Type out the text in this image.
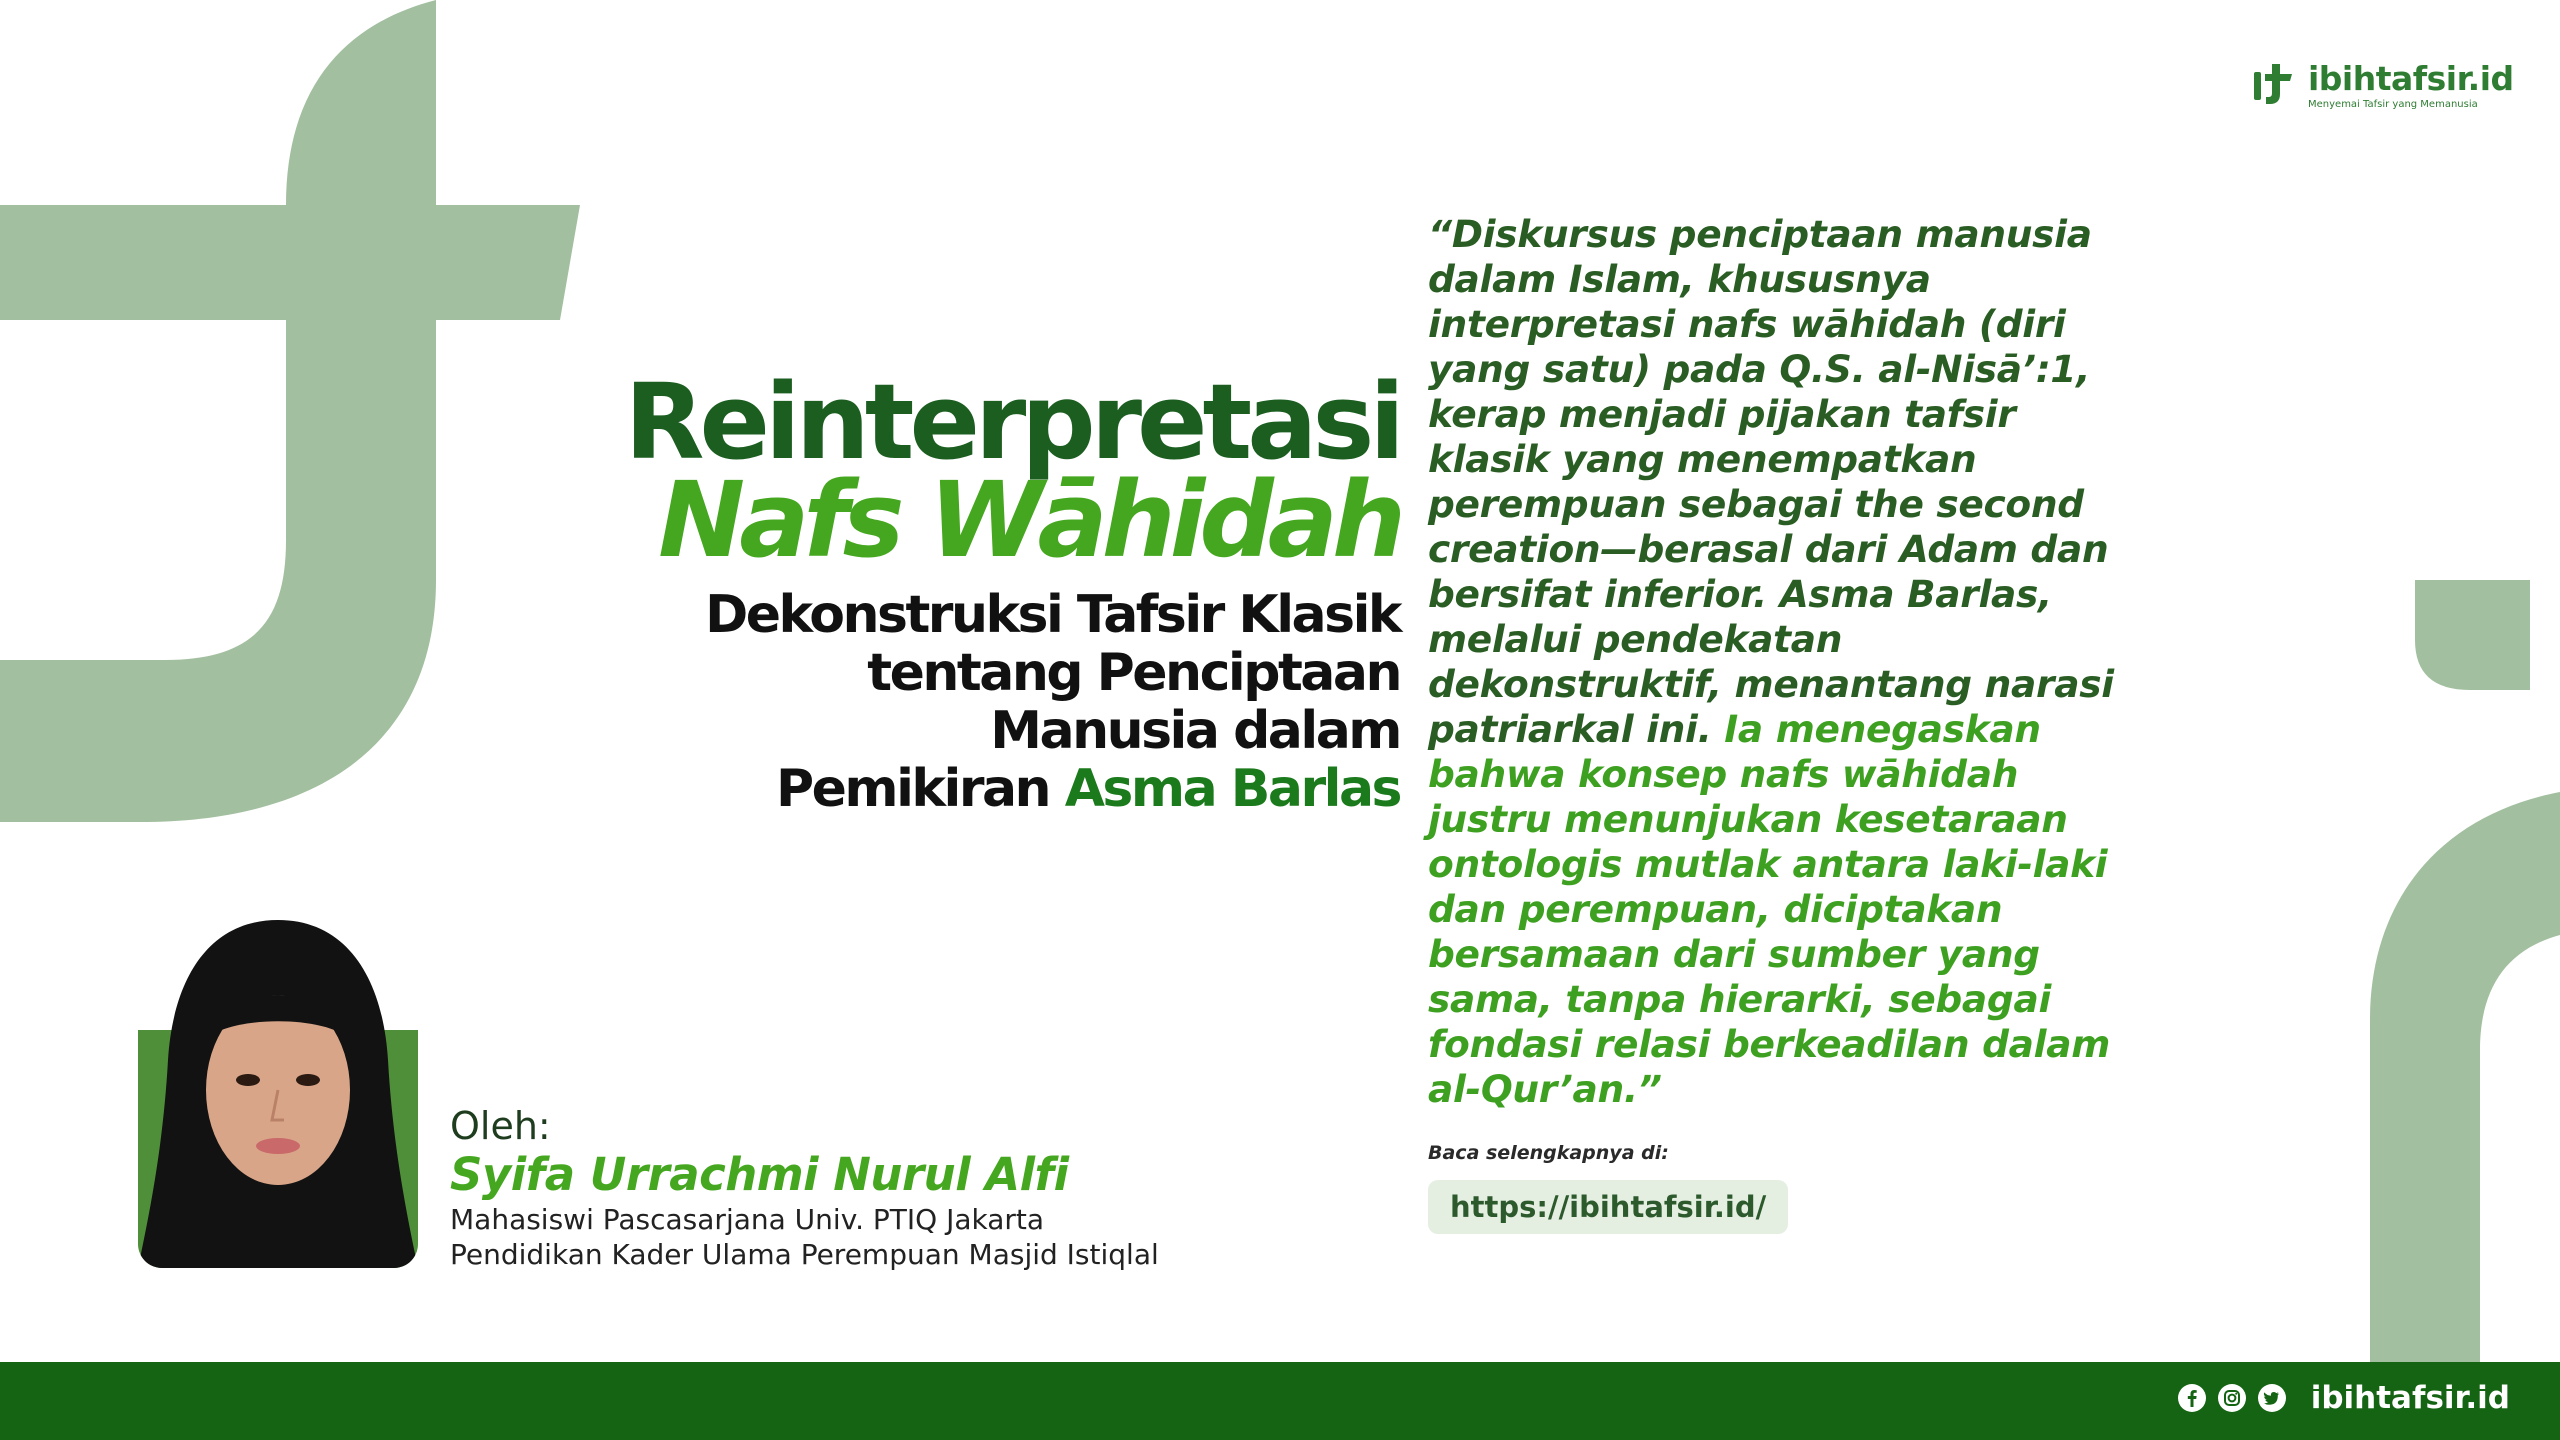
ibihtafsir.id
Menyemai Tafsir yang Memanusia
Reinterpretasi
Nafs Wāhidah
Dekonstruksi Tafsir Klasik
tentang Penciptaan
Manusia dalam
Pemikiran Asma Barlas
“Diskursus penciptaan manusia dalam Islam, khususnya interpretasi nafs wāhidah (diri yang satu) pada Q.S. al-Nisā’:1, kerap menjadi pijakan tafsir klasik yang menempatkan perempuan sebagai the second creation—berasal dari Adam dan bersifat inferior. Asma Barlas, melalui pendekatan dekonstruktif, menantang narasi patriarkal ini. Ia menegaskan bahwa konsep nafs wāhidah justru menunjukan kesetaraan ontologis mutlak antara laki-laki dan perempuan, diciptakan bersamaan dari sumber yang sama, tanpa hierarki, sebagai fondasi relasi berkeadilan dalam al-Qur’an.”
Oleh:
Syifa Urrachmi Nurul Alfi
Mahasiswi Pascasarjana Univ. PTIQ Jakarta
Pendidikan Kader Ulama Perempuan Masjid Istiqlal
Baca selengkapnya di:
https://ibihtafsir.id/
ibihtafsir.id
